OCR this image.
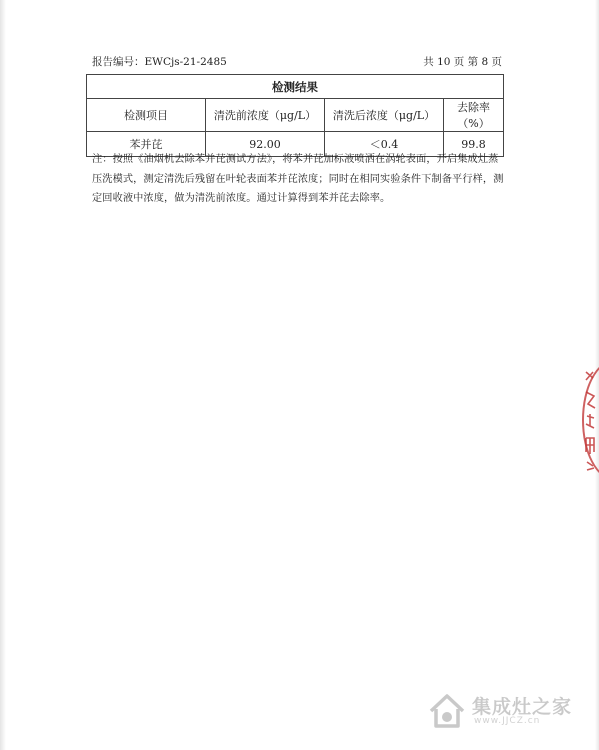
报告编号：EWCjs-21-2485	共 10 页 第 8 页
检测结果			
检测项目	清洗前浓度（μg/L）	清洗后浓度（μg/L）	去除率（%）
苯并芘	92.00	＜0.4	99.8

注：按照《油烟机去除苯并芘测试方法》，将苯并芘加标液喷洒在涡轮表面，开启集成灶蒸

压洗模式，测定清洗后残留在叶轮表面苯并芘浓度；同时在相同实验条件下制备平行样，测

定回收液中浓度，做为清洗前浓度。通过计算得到苯并芘去除率。

集成灶之家
www.JJCZ.cn
